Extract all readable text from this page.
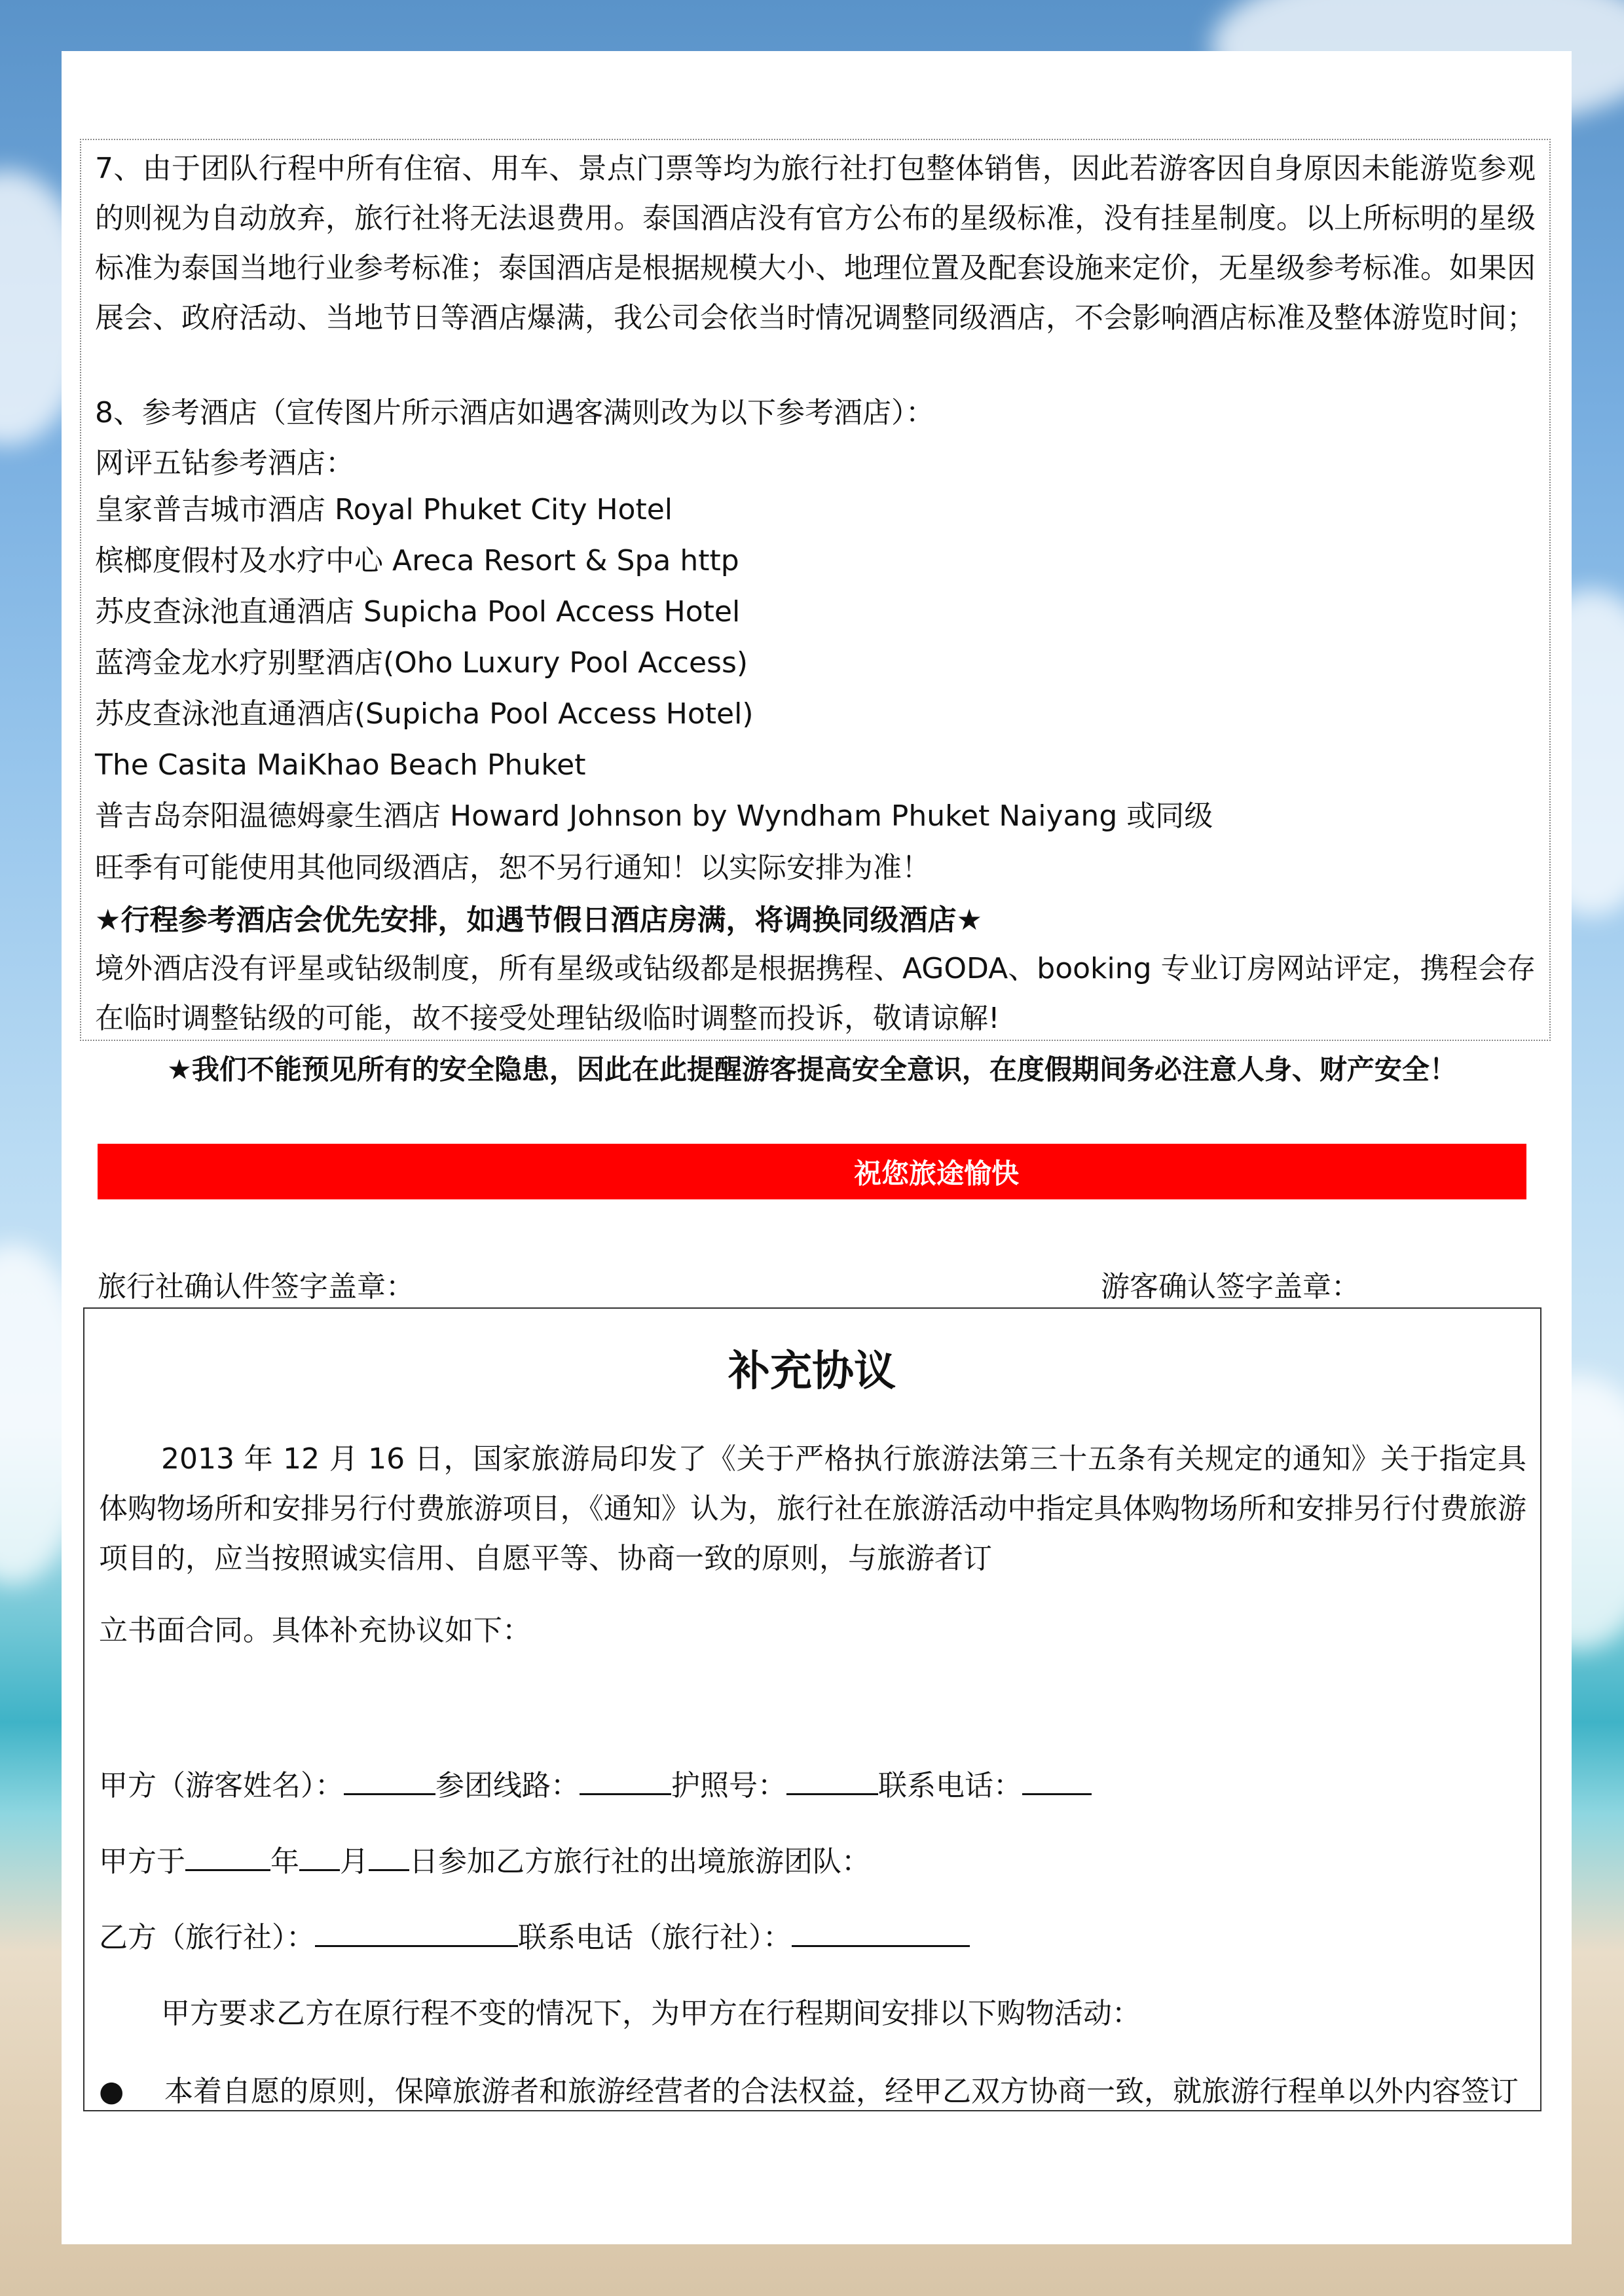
7、由于团队行程中所有住宿、用车、景点门票等均为旅行社打包整体销售，因此若游客因自身原因未能游览参观的则视为自动放弃，旅行社将无法退费用。泰国酒店没有官方公布的星级标准，没有挂星制度。以上所标明的星级标准为泰国当地行业参考标准；泰国酒店是根据规模大小、地理位置及配套设施来定价，无星级参考标准。如果因展会、政府活动、当地节日等酒店爆满，我公司会依当时情况调整同级酒店，不会影响酒店标准及整体游览时间；
8、参考酒店（宣传图片所示酒店如遇客满则改为以下参考酒店）：
网评五钻参考酒店：
皇家普吉城市酒店 Royal Phuket City Hotel
槟榔度假村及水疗中心 Areca Resort & Spa http
苏皮查泳池直通酒店 Supicha Pool Access Hotel
蓝湾金龙水疗别墅酒店(Oho Luxury Pool Access)
苏皮查泳池直通酒店(Supicha Pool Access Hotel)
The Casita MaiKhao Beach Phuket
普吉岛奈阳温德姆豪生酒店 Howard Johnson by Wyndham Phuket Naiyang 或同级
旺季有可能使用其他同级酒店，恕不另行通知！以实际安排为准！
★行程参考酒店会优先安排，如遇节假日酒店房满，将调换同级酒店★
境外酒店没有评星或钻级制度，所有星级或钻级都是根据携程、AGODA、booking 专业订房网站评定，携程会存在临时调整钻级的可能，故不接受处理钻级临时调整而投诉，敬请谅解!
★我们不能预见所有的安全隐患，因此在此提醒游客提高安全意识，在度假期间务必注意人身、财产安全！
祝您旅途愉快
旅行社确认件签字盖章：	游客确认签字盖章：
补充协议
2013 年 12 月 16 日，国家旅游局印发了《关于严格执行旅游法第三十五条有关规定的通知》关于指定具体购物场所和安排另行付费旅游项目，《通知》认为，旅行社在旅游活动中指定具体购物场所和安排另行付费旅游项目的，应当按照诚实信用、自愿平等、协商一致的原则，与旅游者订
立书面合同。具体补充协议如下：
甲方（游客姓名）：	参团线路：	护照号：	联系电话：
甲方于	年 月 日参加乙方旅行社的出境旅游团队：
乙方（旅行社）：	联系电话（旅行社）：
甲方要求乙方在原行程不变的情况下，为甲方在行程期间安排以下购物活动：
● 本着自愿的原则，保障旅游者和旅游经营者的合法权益，经甲乙双方协商一致，就旅游行程单以外内容签订
